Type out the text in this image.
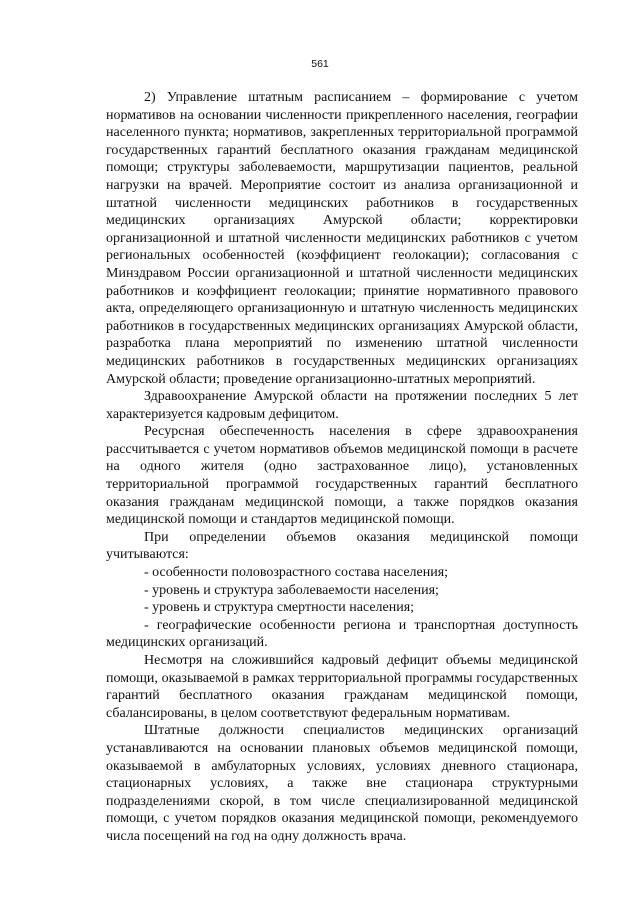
561

2) Управление штатным расписанием – формирование с учетом нормативов на основании численности прикрепленного населения, географии населенного пункта; нормативов, закрепленных территориальной программой государственных гарантий бесплатного оказания гражданам медицинской помощи; структуры заболеваемости, маршрутизации пациентов, реальной нагрузки на врачей. Мероприятие состоит из анализа организационной и штатной численности медицинских работников в государственных медицинских организациях Амурской области; корректировки организационной и штатной численности медицинских работников с учетом региональных особенностей (коэффициент геолокации); согласования с Минздравом России организационной и штатной численности медицинских работников и коэффициент геолокации; принятие нормативного правового акта, определяющего организационную и штатную численность медицинских работников в государственных медицинских организациях Амурской области, разработка плана мероприятий по изменению штатной численности медицинских работников в государственных медицинских организациях Амурской области; проведение организационно-штатных мероприятий.

Здравоохранение Амурской области на протяжении последних 5 лет характеризуется кадровым дефицитом.

Ресурсная обеспеченность населения в сфере здравоохранения рассчитывается с учетом нормативов объемов медицинской помощи в расчете на одного жителя (одно застрахованное лицо), установленных территориальной программой государственных гарантий бесплатного оказания гражданам медицинской помощи, а также порядков оказания медицинской помощи и стандартов медицинской помощи.

При определении объемов оказания медицинской помощи учитываются:

- особенности половозрастного состава населения;

- уровень и структура заболеваемости населения;

- уровень и структура смертности населения;

- географические особенности региона и транспортная доступность медицинских организаций.

Несмотря на сложившийся кадровый дефицит объемы медицинской помощи, оказываемой в рамках территориальной программы государственных гарантий бесплатного оказания гражданам медицинской помощи, сбалансированы, в целом соответствуют федеральным нормативам.

Штатные должности специалистов медицинских организаций устанавливаются на основании плановых объемов медицинской помощи, оказываемой в амбулаторных условиях, условиях дневного стационара, стационарных условиях, а также вне стационара структурными подразделениями скорой, в том числе специализированной медицинской помощи, с учетом порядков оказания медицинской помощи, рекомендуемого числа посещений на год на одну должность врача.
